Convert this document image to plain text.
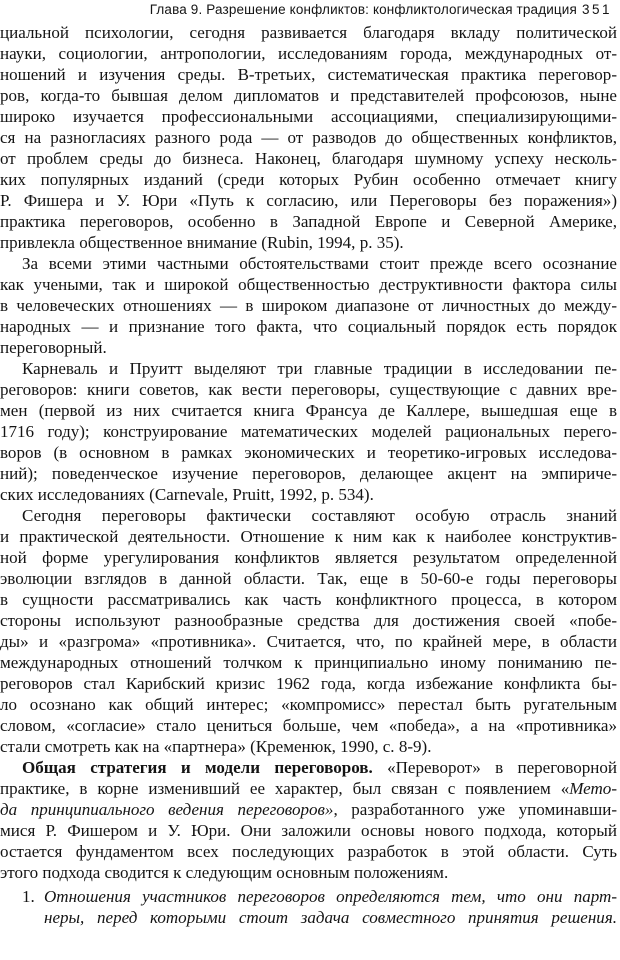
Глава 9. Разрешение конфликтов: конфликтологическая традиция 351
циальной психологии, сегодня развивается благодаря вкладу политической
науки, социологии, антропологии, исследованиям города, международных от-
ношений и изучения среды. В-третьих, систематическая практика переговор-
ров, когда-то бывшая делом дипломатов и представителей профсоюзов, ныне
широко изучается профессиональными ассоциациями, специализирующими-
ся на разногласиях разного рода — от разводов до общественных конфликтов,
от проблем среды до бизнеса. Наконец, благодаря шумному успеху несколь-
ких популярных изданий (среди которых Рубин особенно отмечает книгу
Р. Фишера и У. Юри «Путь к согласию, или Переговоры без поражения»)
практика переговоров, особенно в Западной Европе и Северной Америке,
привлекла общественное внимание (Rubin, 1994, p. 35).
За всеми этими частными обстоятельствами стоит прежде всего осознание
как учеными, так и широкой общественностью деструктивности фактора силы
в человеческих отношениях — в широком диапазоне от личностных до между-
народных — и признание того факта, что социальный порядок есть порядок
переговорный.
Карневаль и Пруитт выделяют три главные традиции в исследовании пе-
реговоров: книги советов, как вести переговоры, существующие с давних вре-
мен (первой из них считается книга Франсуа де Каллере, вышедшая еще в
1716 году); конструирование математических моделей рациональных перего-
воров (в основном в рамках экономических и теоретико-игровых исследова-
ний); поведенческое изучение переговоров, делающее акцент на эмпириче-
ских исследованиях (Carnevale, Pruitt, 1992, p. 534).
Сегодня переговоры фактически составляют особую отрасль знаний
и практической деятельности. Отношение к ним как к наиболее конструктив-
ной форме урегулирования конфликтов является результатом определенной
эволюции взглядов в данной области. Так, еще в 50-60-е годы переговоры
в сущности рассматривались как часть конфликтного процесса, в котором
стороны используют разнообразные средства для достижения своей «побе-
ды» и «разгрома» «противника». Считается, что, по крайней мере, в области
международных отношений толчком к принципиально иному пониманию пе-
реговоров стал Карибский кризис 1962 года, когда избежание конфликта бы-
ло осознано как общий интерес; «компромисс» перестал быть ругательным
словом, «согласие» стало цениться больше, чем «победа», а на «противника»
стали смотреть как на «партнера» (Кременюк, 1990, с. 8-9).
Общая стратегия и модели переговоров. «Переворот» в переговорной
практике, в корне изменивший ее характер, был связан с появлением «Мето-
да принципиального ведения переговоров», разработанного уже упоминавши-
мися Р. Фишером и У. Юри. Они заложили основы нового подхода, который
остается фундаментом всех последующих разработок в этой области. Суть
этого подхода сводится к следующим основным положениям.
1. Отношения участников переговоров определяются тем, что они парт-
неры, перед которыми стоит задача совместного принятия решения.
